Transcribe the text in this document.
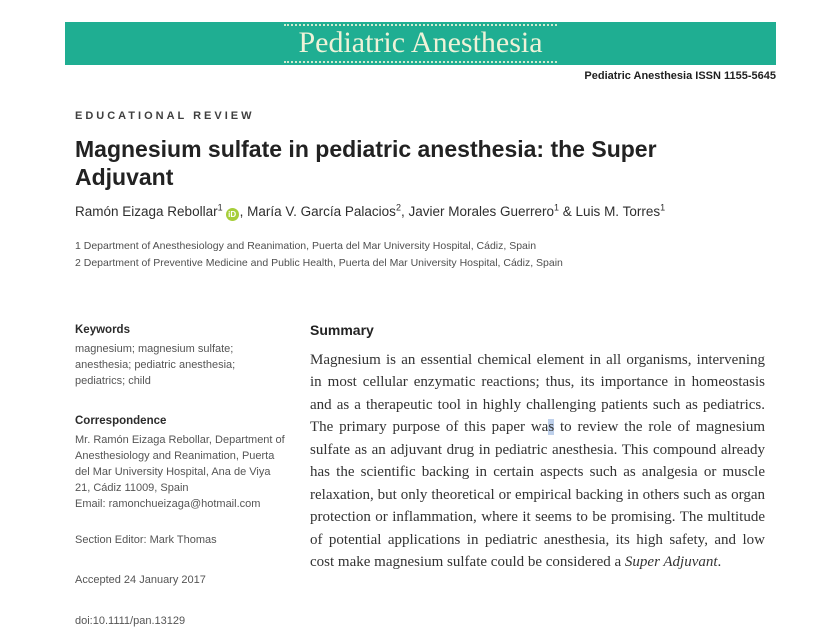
Pediatric Anesthesia
Pediatric Anesthesia ISSN 1155-5645
EDUCATIONAL REVIEW
Magnesium sulfate in pediatric anesthesia: the Super Adjuvant
Ramón Eizaga Rebollar$^1$iD , María V. García Palacios$^2$, Javier Morales Guerrero$^1$ & Luis M. Torres$^1$
1 Department of Anesthesiology and Reanimation, Puerta del Mar University Hospital, Cádiz, Spain
2 Department of Preventive Medicine and Public Health, Puerta del Mar University Hospital, Cádiz, Spain
Keywords
magnesium; magnesium sulfate; anesthesia; pediatric anesthesia; pediatrics; child
Correspondence
Mr. Ramón Eizaga Rebollar, Department of Anesthesiology and Reanimation, Puerta del Mar University Hospital, Ana de Viya 21, Cádiz 11009, Spain
Email: ramonchueizaga@hotmail.com
Section Editor: Mark Thomas
Accepted 24 January 2017
doi:10.1111/pan.13129
Summary
Magnesium is an essential chemical element in all organisms, intervening in most cellular enzymatic reactions; thus, its importance in homeostasis and as a therapeutic tool in highly challenging patients such as pediatrics. The primary purpose of this paper was to review the role of magnesium sulfate as an adjuvant drug in pediatric anesthesia. This compound already has the scientific backing in certain aspects such as analgesia or muscle relaxation, but only theoretical or empirical backing in others such as organ protection or inflammation, where it seems to be promising. The multitude of potential applications in pediatric anesthesia, its high safety, and low cost make magnesium sulfate could be considered a Super Adjuvant.
